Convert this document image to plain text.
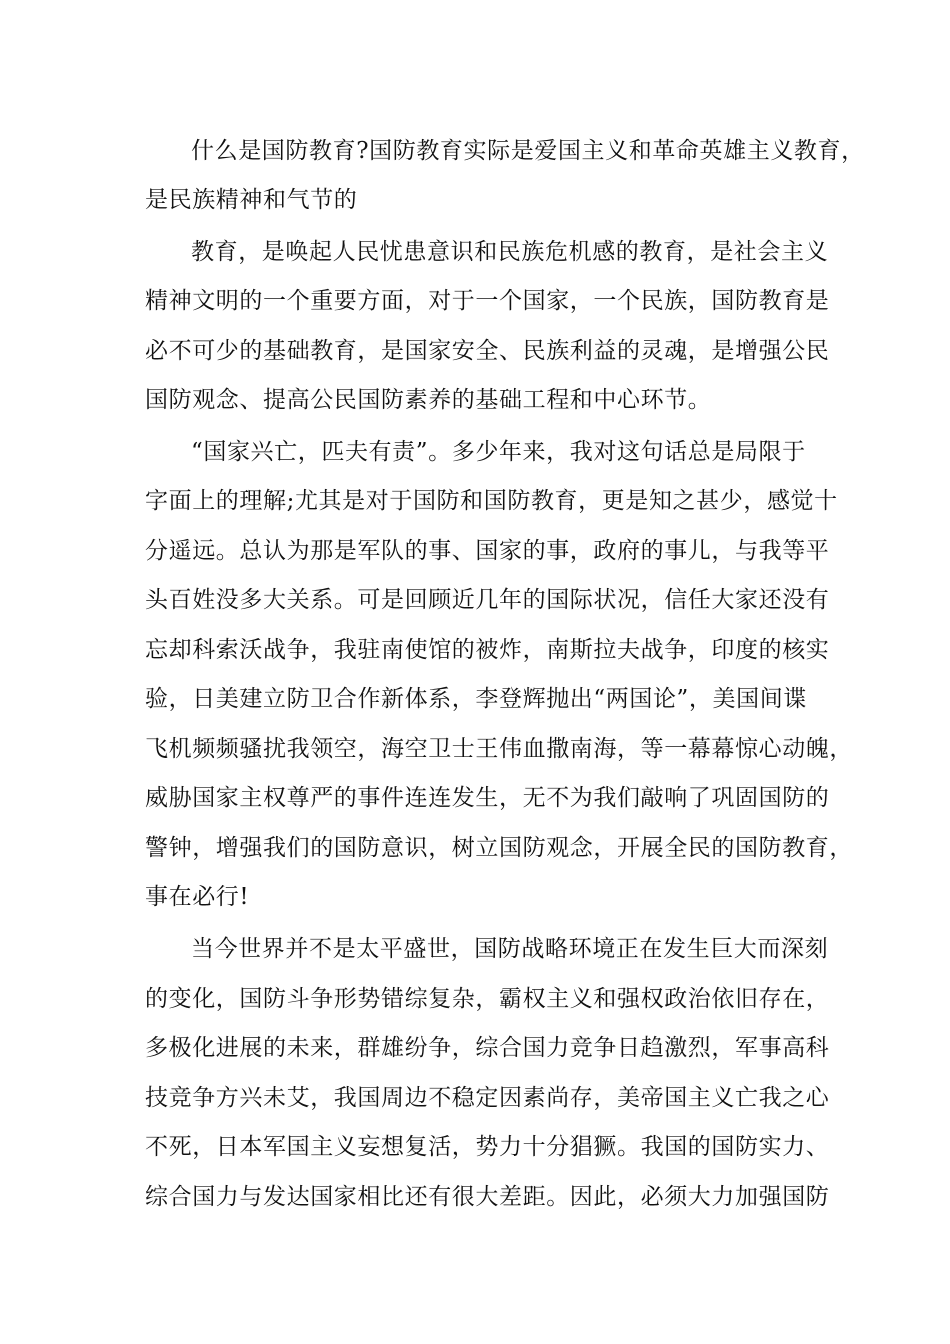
什么是国防教育?国防教育实际是爱国主义和革命英雄主义教育，
是民族精神和气节的
教育，是唤起人民忧患意识和民族危机感的教育，是社会主义
精神文明的一个重要方面，对于一个国家，一个民族，国防教育是
必不可少的基础教育，是国家安全、民族利益的灵魂，是增强公民
国防观念、提高公民国防素养的基础工程和中心环节。
“国家兴亡，匹夫有责”。多少年来，我对这句话总是局限于
字面上的理解;尤其是对于国防和国防教育，更是知之甚少，感觉十
分遥远。总认为那是军队的事、国家的事，政府的事儿，与我等平
头百姓没多大关系。可是回顾近几年的国际状况，信任大家还没有
忘却科索沃战争，我驻南使馆的被炸，南斯拉夫战争，印度的核实
验，日美建立防卫合作新体系，李登辉抛出“两国论”，美国间谍
飞机频频骚扰我领空，海空卫士王伟血撒南海，等一幕幕惊心动魄，
威胁国家主权尊严的事件连连发生，无不为我们敲响了巩固国防的
警钟，增强我们的国防意识，树立国防观念，开展全民的国防教育，
事在必行!
当今世界并不是太平盛世，国防战略环境正在发生巨大而深刻
的变化，国防斗争形势错综复杂，霸权主义和强权政治依旧存在，
多极化进展的未来，群雄纷争，综合国力竞争日趋激烈，军事高科
技竞争方兴未艾，我国周边不稳定因素尚存，美帝国主义亡我之心
不死，日本军国主义妄想复活，势力十分猖獗。我国的国防实力、
综合国力与发达国家相比还有很大差距。因此，必须大力加强国防
